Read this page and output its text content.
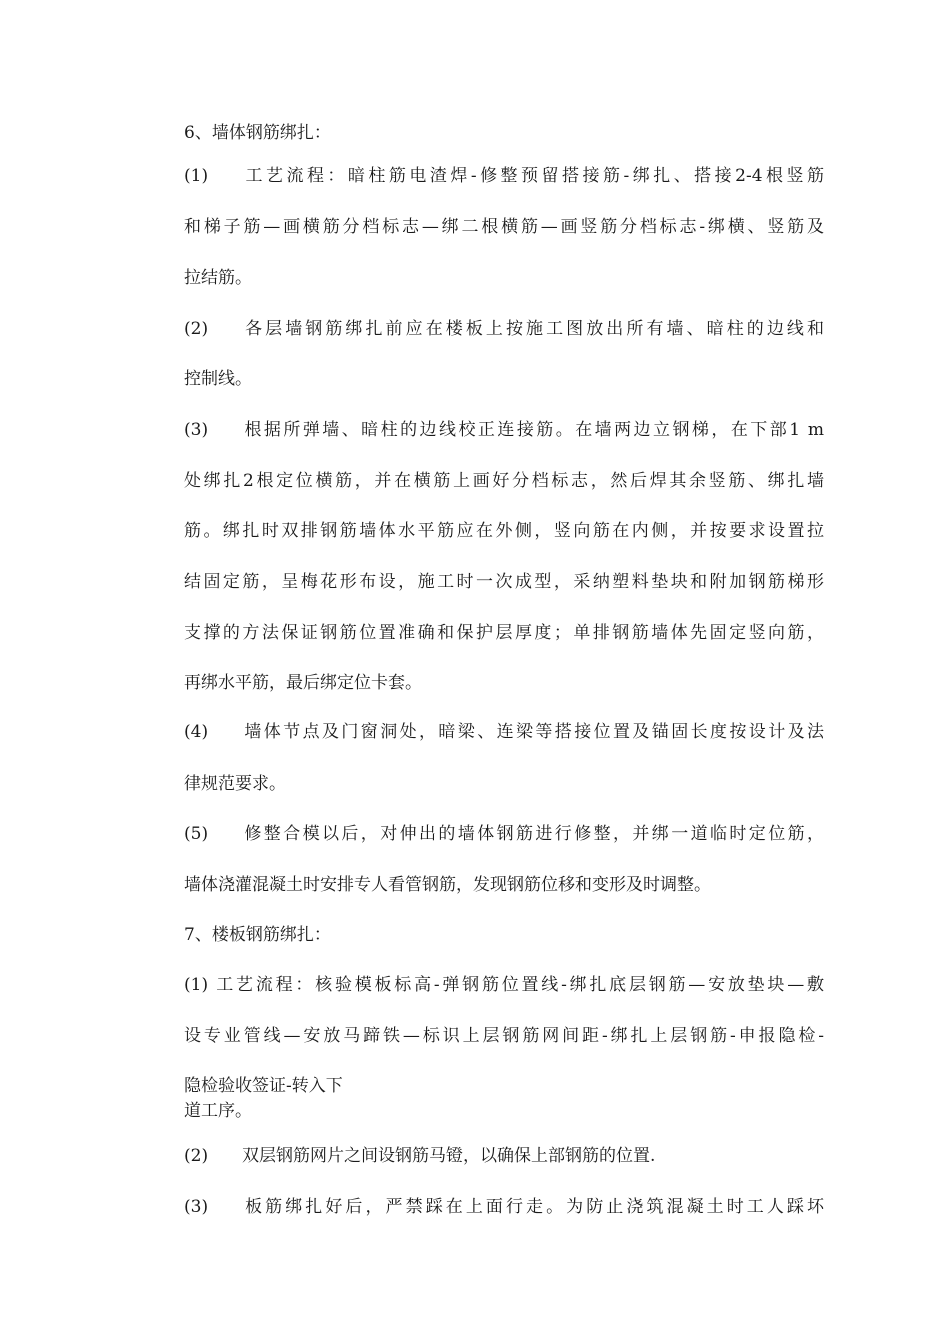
6、墙体钢筋绑扎：
(1) 工艺流程：暗柱筋电渣焊-修整预留搭接筋-绑扎、搭接2-4根竖筋
和梯子筋—画横筋分档标志—绑二根横筋—画竖筋分档标志-绑横、竖筋及
拉结筋。
(2) 各层墙钢筋绑扎前应在楼板上按施工图放出所有墙、暗柱的边线和
控制线。
(3) 根据所弹墙、暗柱的边线校正连接筋。在墙两边立钢梯，在下部1 m
处绑扎2根定位横筋，并在横筋上画好分档标志，然后焊其余竖筋、绑扎墙
筋。绑扎时双排钢筋墙体水平筋应在外侧，竖向筋在内侧，并按要求设置拉
结固定筋，呈梅花形布设，施工时一次成型，采纳塑料垫块和附加钢筋梯形
支撑的方法保证钢筋位置准确和保护层厚度；单排钢筋墙体先固定竖向筋，
再绑水平筋，最后绑定位卡套。
(4) 墙体节点及门窗洞处，暗梁、连梁等搭接位置及锚固长度按设计及法
律规范要求。
(5) 修整合模以后，对伸出的墙体钢筋进行修整，并绑一道临时定位筋，
墙体浇灌混凝土时安排专人看管钢筋，发现钢筋位移和变形及时调整。
7、楼板钢筋绑扎：
(1) 工艺流程：核验模板标高-弹钢筋位置线-绑扎底层钢筋—安放垫块—敷
设专业管线—安放马蹄铁—标识上层钢筋网间距-绑扎上层钢筋-申报隐检-
隐检验收签证-转入下
道工序。
(2) 双层钢筋网片之间设钢筋马镫，以确保上部钢筋的位置.
(3) 板筋绑扎好后，严禁踩在上面行走。为防止浇筑混凝土时工人踩坏
